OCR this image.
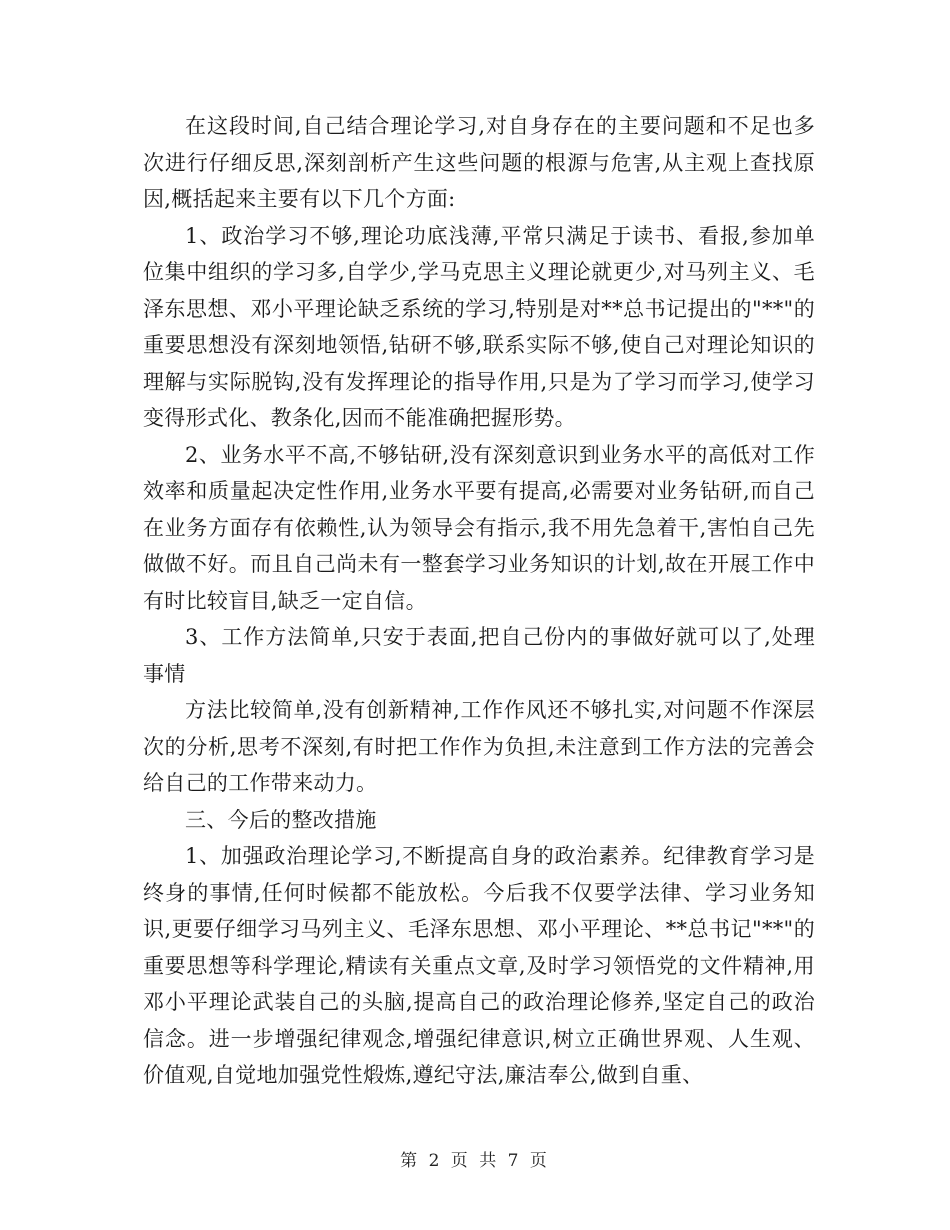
在这段时间,自己结合理论学习,对自身存在的主要问题和不足也多次进行仔细反思,深刻剖析产生这些问题的根源与危害,从主观上查找原因,概括起来主要有以下几个方面:

1、政治学习不够,理论功底浅薄,平常只满足于读书、看报,参加单位集中组织的学习多,自学少,学马克思主义理论就更少,对马列主义、毛泽东思想、邓小平理论缺乏系统的学习,特别是对**总书记提出的"**"的重要思想没有深刻地领悟,钻研不够,联系实际不够,使自己对理论知识的理解与实际脱钩,没有发挥理论的指导作用,只是为了学习而学习,使学习变得形式化、教条化,因而不能准确把握形势。

2、业务水平不高,不够钻研,没有深刻意识到业务水平的高低对工作效率和质量起决定性作用,业务水平要有提高,必需要对业务钻研,而自己在业务方面存有依赖性,认为领导会有指示,我不用先急着干,害怕自己先做做不好。而且自己尚未有一整套学习业务知识的计划,故在开展工作中有时比较盲目,缺乏一定自信。

3、工作方法简单,只安于表面,把自己份内的事做好就可以了,处理事情

方法比较简单,没有创新精神,工作作风还不够扎实,对问题不作深层次的分析,思考不深刻,有时把工作作为负担,未注意到工作方法的完善会给自己的工作带来动力。

三、今后的整改措施

1、加强政治理论学习,不断提高自身的政治素养。纪律教育学习是终身的事情,任何时候都不能放松。今后我不仅要学法律、学习业务知识,更要仔细学习马列主义、毛泽东思想、邓小平理论、**总书记"**"的重要思想等科学理论,精读有关重点文章,及时学习领悟党的文件精神,用邓小平理论武装自己的头脑,提高自己的政治理论修养,坚定自己的政治信念。进一步增强纪律观念,增强纪律意识,树立正确世界观、人生观、价值观,自觉地加强党性煅炼,遵纪守法,廉洁奉公,做到自重、

第 2 页 共 7 页
